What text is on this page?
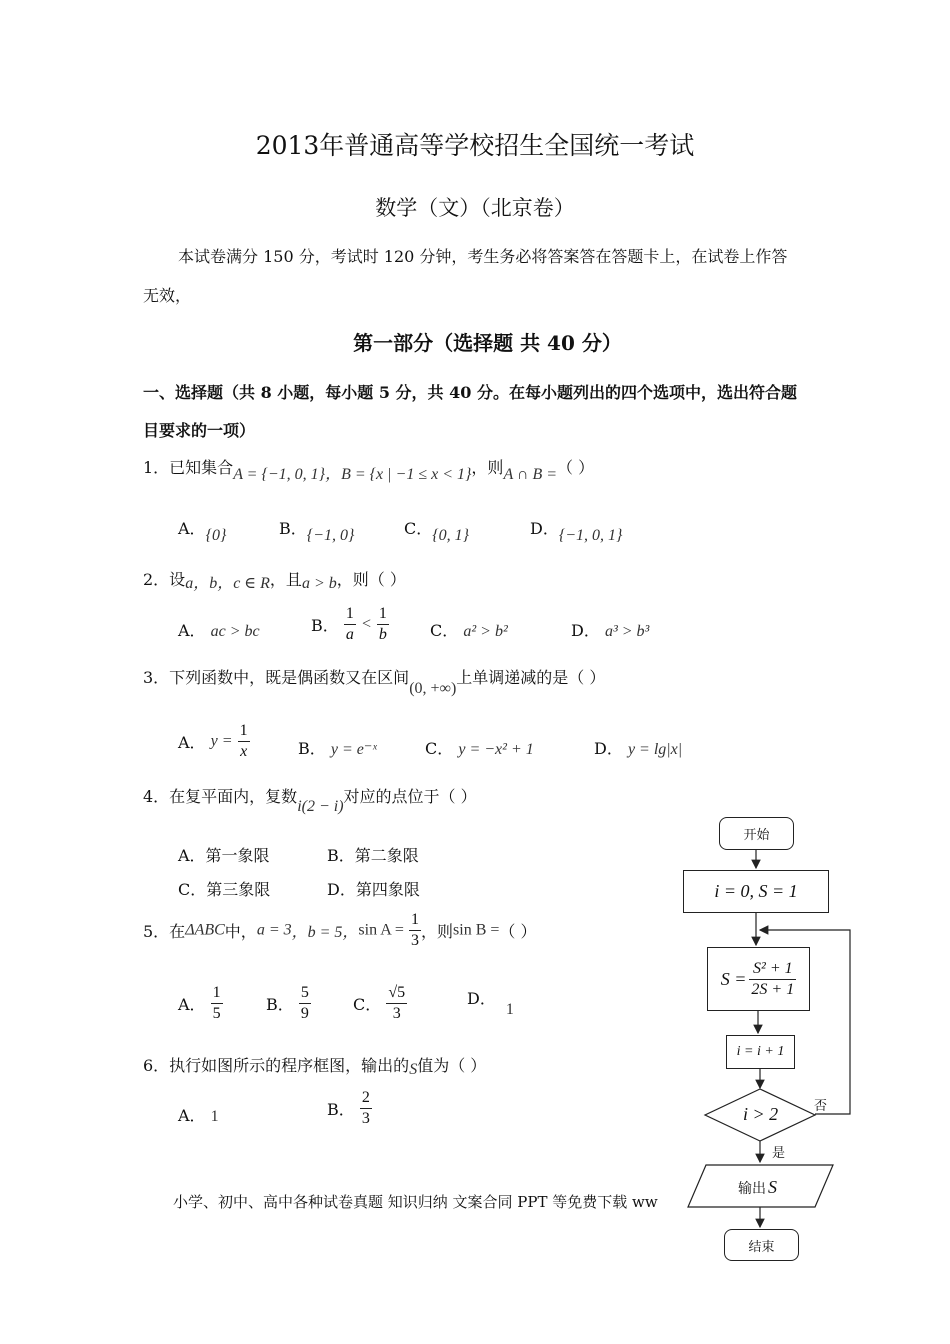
2013年普通高等学校招生全国统一考试
数学（文）（北京卷）
本试卷满分 150 分，考试时 120 分钟，考生务必将答案答在答题卡上，在试卷上作答
无效，
第一部分（选择题 共 40 分）
一、选择题（共 8 小题，每小题 5 分，共 40 分。在每小题列出的四个选项中，选出符合题
目要求的一项）
1．已知集合A = {−1, 0, 1}，B = {x | −1 ≤ x < 1}，则A ∩ B =（ ）
A．{0}	B．{−1, 0}	C．{0, 1}	D．{−1, 0, 1}
2．设a，b，c ∈ R，且a > b，则（ ）
A． ac > bc	B． $\frac{1}{a} < \frac{1}{b}$	C． a² > b²	D． a³ > b³
3．下列函数中，既是偶函数又在区间(0, +∞)上单调递减的是（ ）
A． $y = \frac{1}{x}$	B． y = e⁻ˣ	C． y = −x² + 1	D． y = lg|x|
4．在复平面内，复数i(2 − i)对应的点位于（ ）
A．第一象限	B．第二象限
C．第三象限	D．第四象限
5．在ΔABC中，a = 3，b = 5，$\sin A = \frac{1}{3}$ ，则sin B =（ ）
A． $\frac{1}{5}$	B． $\frac{5}{9}$	C． $\frac{√5}{3}$	D．1
6．执行如图所示的程序框图，输出的S值为（ ）
A． 1	B． $\frac{2}{3}$
小学、初中、高中各种试卷真题 知识归纳 文案合同 PPT 等免费下载 ww
开始
i = 0, S = 1
$S = \frac{\text{S² + 1}}{2S + 1}$
i = i + 1
i > 2	否
是
输出 S
结束
